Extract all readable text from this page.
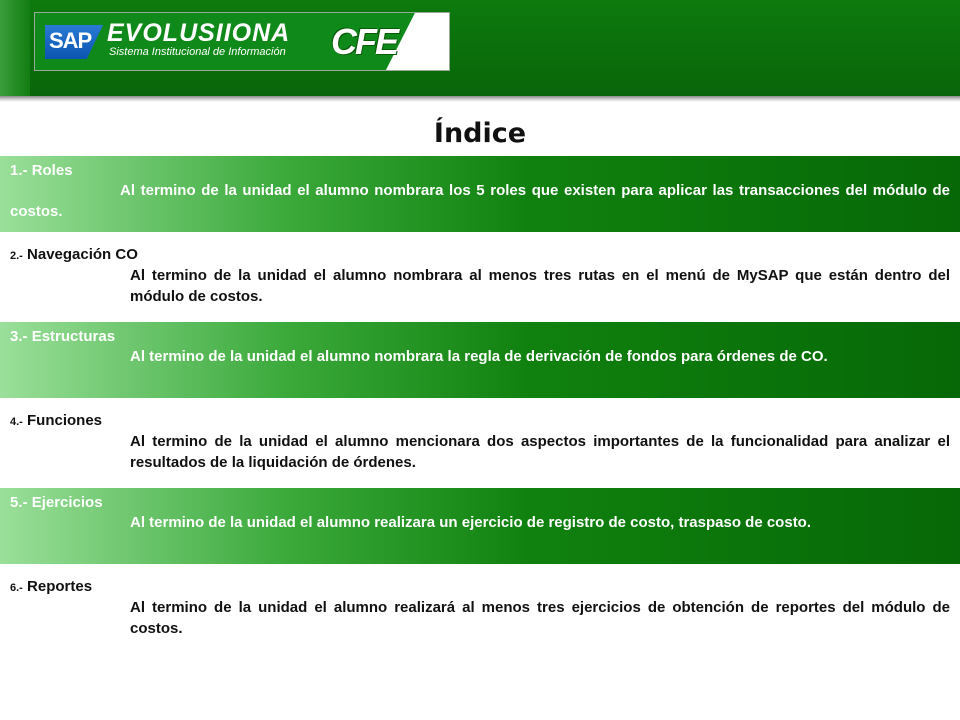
SAP EVOLUSIIONA
Sistema Institucional de Información CFE
Índice
1.- Roles
Al termino de la unidad el alumno nombrara los 5 roles que existen para aplicar las transacciones del módulo de costos.
2.- Navegación CO
Al termino de la unidad el alumno nombrara al menos tres rutas en el menú de MySAP que están dentro del módulo de costos.
3.- Estructuras
Al termino de la unidad el alumno nombrara la regla de derivación de fondos para órdenes de CO.
4.- Funciones
Al termino de la unidad el alumno mencionara dos aspectos importantes de la funcionalidad para analizar el resultados de la liquidación de órdenes.
5.- Ejercicios
Al termino de la unidad el alumno realizara un ejercicio de registro de costo, traspaso de costo.
6.- Reportes
Al termino de la unidad el alumno realizará al menos tres ejercicios de obtención de reportes del módulo de costos.
